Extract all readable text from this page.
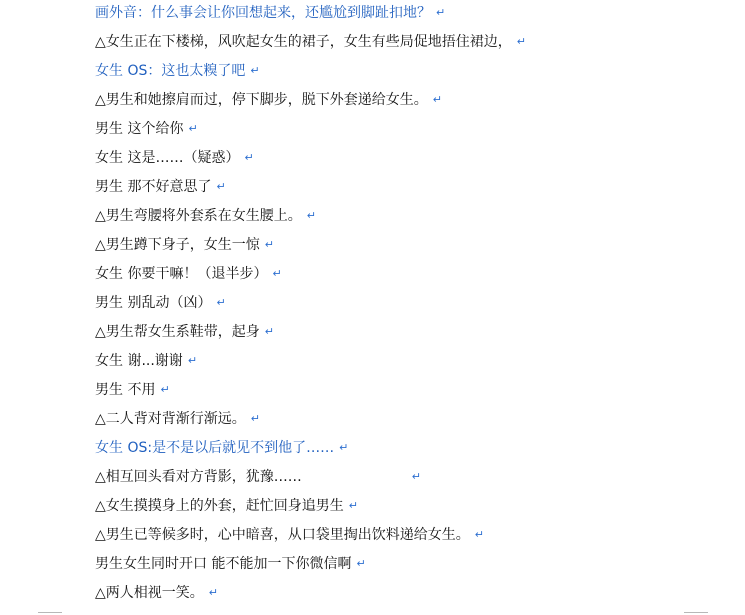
画外音：什么事会让你回想起来，还尴尬到脚趾扣地？ ↵
△女生正在下楼梯，风吹起女生的裙子，女生有些局促地捂住裙边， ↵
女生 OS：这也太糗了吧 ↵
△男生和她擦肩而过，停下脚步，脱下外套递给女生。 ↵
男生 这个给你 ↵
女生 这是……（疑惑） ↵
男生 那不好意思了 ↵
△男生弯腰将外套系在女生腰上。 ↵
△男生蹲下身子，女生一惊 ↵
女生 你要干嘛！（退半步） ↵
男生 别乱动（凶） ↵
△男生帮女生系鞋带，起身 ↵
女生 谢...谢谢 ↵
男生 不用 ↵
△二人背对背渐行渐远。 ↵
女生 OS:是不是以后就见不到他了…… ↵
△相互回头看对方背影，犹豫……	↵
△女生摸摸身上的外套，赶忙回身追男生 ↵
△男生已等候多时，心中暗喜，从口袋里掏出饮料递给女生。 ↵
男生女生同时开口 能不能加一下你微信啊 ↵
△两人相视一笑。 ↵
